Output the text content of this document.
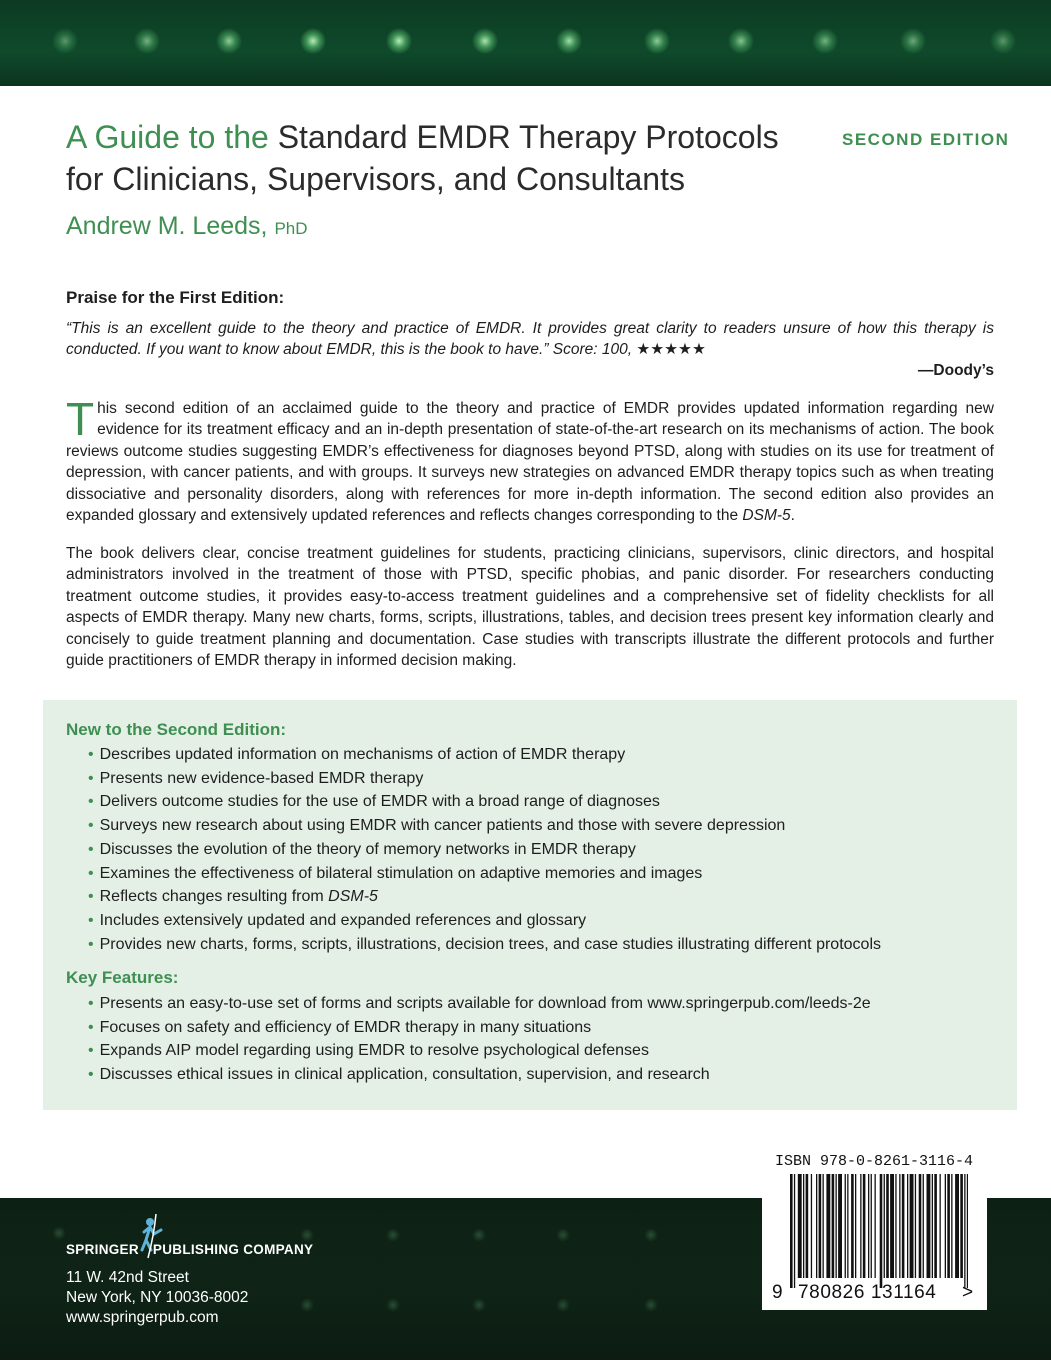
A Guide to the Standard EMDR Therapy Protocols
for Clinicians, Supervisors, and Consultants
SECOND EDITION
Andrew M. Leeds, PhD
Praise for the First Edition:
“This is an excellent guide to the theory and practice of EMDR. It provides great clarity to readers unsure of how this therapy is conducted. If you want to know about EMDR, this is the book to have.” Score: 100, ★★★★★
—Doody’s
This second edition of an acclaimed guide to the theory and practice of EMDR provides updated information regarding new evidence for its treatment efficacy and an in-depth presentation of state-of-the-art research on its mechanisms of action. The book reviews outcome studies suggesting EMDR’s effectiveness for diagnoses beyond PTSD, along with studies on its use for treatment of depression, with cancer patients, and with groups. It surveys new strategies on advanced EMDR therapy topics such as when treating dissociative and personality disorders, along with references for more in-depth information. The second edition also provides an expanded glossary and extensively updated references and reflects changes corresponding to the DSM-5.
The book delivers clear, concise treatment guidelines for students, practicing clinicians, supervisors, clinic directors, and hospital administrators involved in the treatment of those with PTSD, specific phobias, and panic disorder. For researchers conducting treatment outcome studies, it provides easy-to-access treatment guidelines and a comprehensive set of fidelity checklists for all aspects of EMDR therapy. Many new charts, forms, scripts, illustrations, tables, and decision trees present key information clearly and concisely to guide treatment planning and documentation. Case studies with transcripts illustrate the different protocols and further guide practitioners of EMDR therapy in informed decision making.
New to the Second Edition:
• Describes updated information on mechanisms of action of EMDR therapy
• Presents new evidence-based EMDR therapy
• Delivers outcome studies for the use of EMDR with a broad range of diagnoses
• Surveys new research about using EMDR with cancer patients and those with severe depression
• Discusses the evolution of the theory of memory networks in EMDR therapy
• Examines the effectiveness of bilateral stimulation on adaptive memories and images
• Reflects changes resulting from DSM-5
• Includes extensively updated and expanded references and glossary
• Provides new charts, forms, scripts, illustrations, decision trees, and case studies illustrating different protocols
Key Features:
• Presents an easy-to-use set of forms and scripts available for download from www.springerpub.com/leeds-2e
• Focuses on safety and efficiency of EMDR therapy in many situations
• Expands AIP model regarding using EMDR to resolve psychological defenses
• Discusses ethical issues in clinical application, consultation, supervision, and research
SPRINGER PUBLISHING COMPANY
11 W. 42nd Street
New York, NY 10036-8002
www.springerpub.com
ISBN 978-0-8261-3116-4
9 780826 131164 >
